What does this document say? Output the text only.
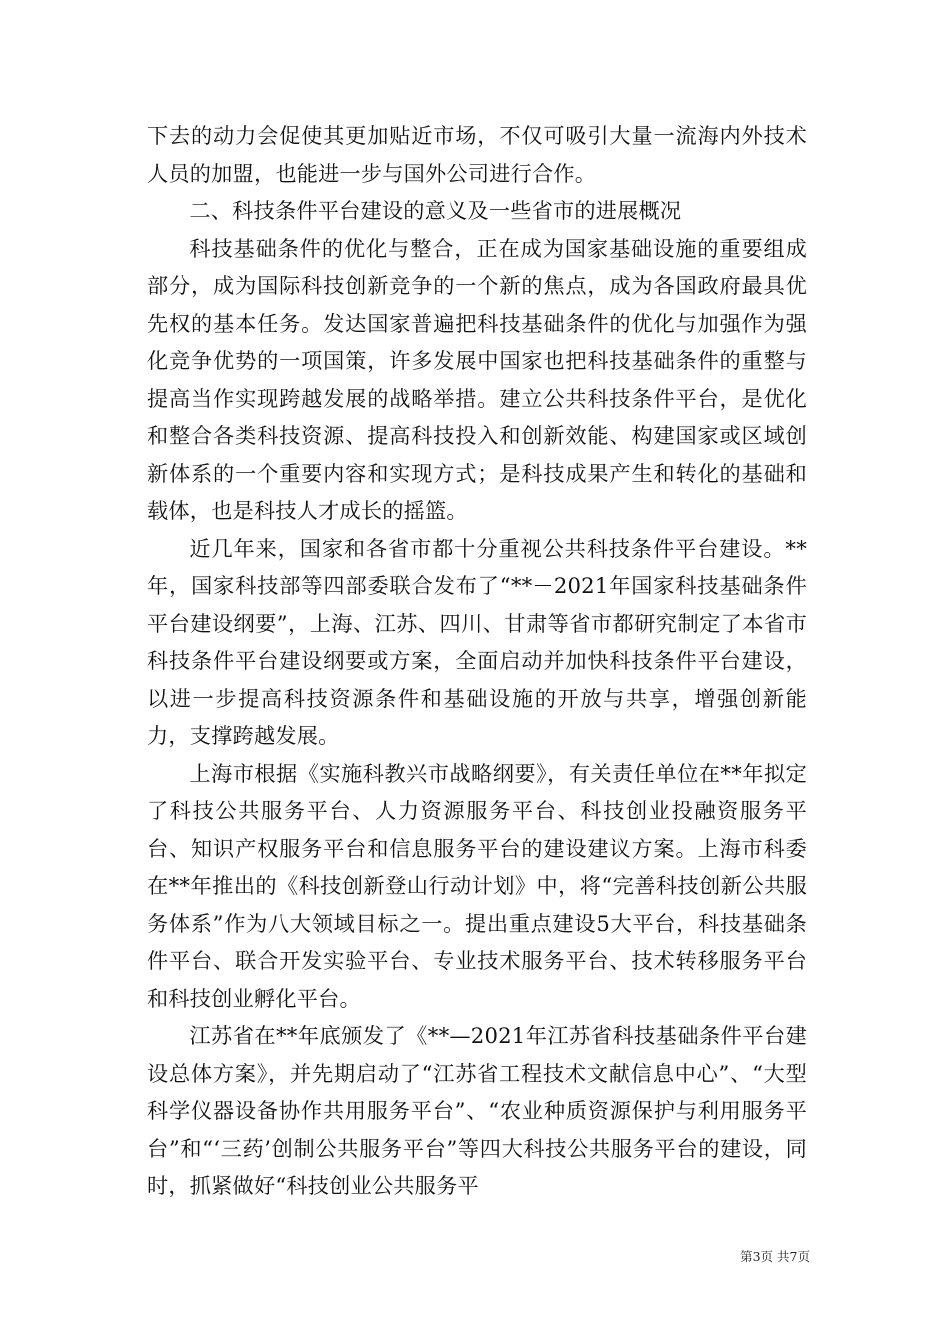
下去的动力会促使其更加贴近市场，不仅可吸引大量一流海内外技术人员的加盟，也能进一步与国外公司进行合作。

二、科技条件平台建设的意义及一些省市的进展概况

科技基础条件的优化与整合，正在成为国家基础设施的重要组成部分，成为国际科技创新竞争的一个新的焦点，成为各国政府最具优先权的基本任务。发达国家普遍把科技基础条件的优化与加强作为强化竞争优势的一项国策，许多发展中国家也把科技基础条件的重整与提高当作实现跨越发展的战略举措。建立公共科技条件平台，是优化和整合各类科技资源、提高科技投入和创新效能、构建国家或区域创新体系的一个重要内容和实现方式；是科技成果产生和转化的基础和载体，也是科技人才成长的摇篮。

近几年来，国家和各省市都十分重视公共科技条件平台建设。**年，国家科技部等四部委联合发布了“**－2021年国家科技基础条件平台建设纲要”，上海、江苏、四川、甘肃等省市都研究制定了本省市科技条件平台建设纲要或方案，全面启动并加快科技条件平台建设，以进一步提高科技资源条件和基础设施的开放与共享，增强创新能力，支撑跨越发展。

上海市根据《实施科教兴市战略纲要》，有关责任单位在**年拟定了科技公共服务平台、人力资源服务平台、科技创业投融资服务平台、知识产权服务平台和信息服务平台的建设建议方案。上海市科委在**年推出的《科技创新登山行动计划》中，将“完善科技创新公共服务体系”作为八大领域目标之一。提出重点建设5大平台，科技基础条件平台、联合开发实验平台、专业技术服务平台、技术转移服务平台和科技创业孵化平台。

江苏省在**年底颁发了《**—2021年江苏省科技基础条件平台建设总体方案》，并先期启动了“江苏省工程技术文献信息中心”、“大型科学仪器设备协作共用服务平台”、“农业种质资源保护与利用服务平台”和“‘三药’创制公共服务平台”等四大科技公共服务平台的建设，同时，抓紧做好“科技创业公共服务平

第3页 共7页
